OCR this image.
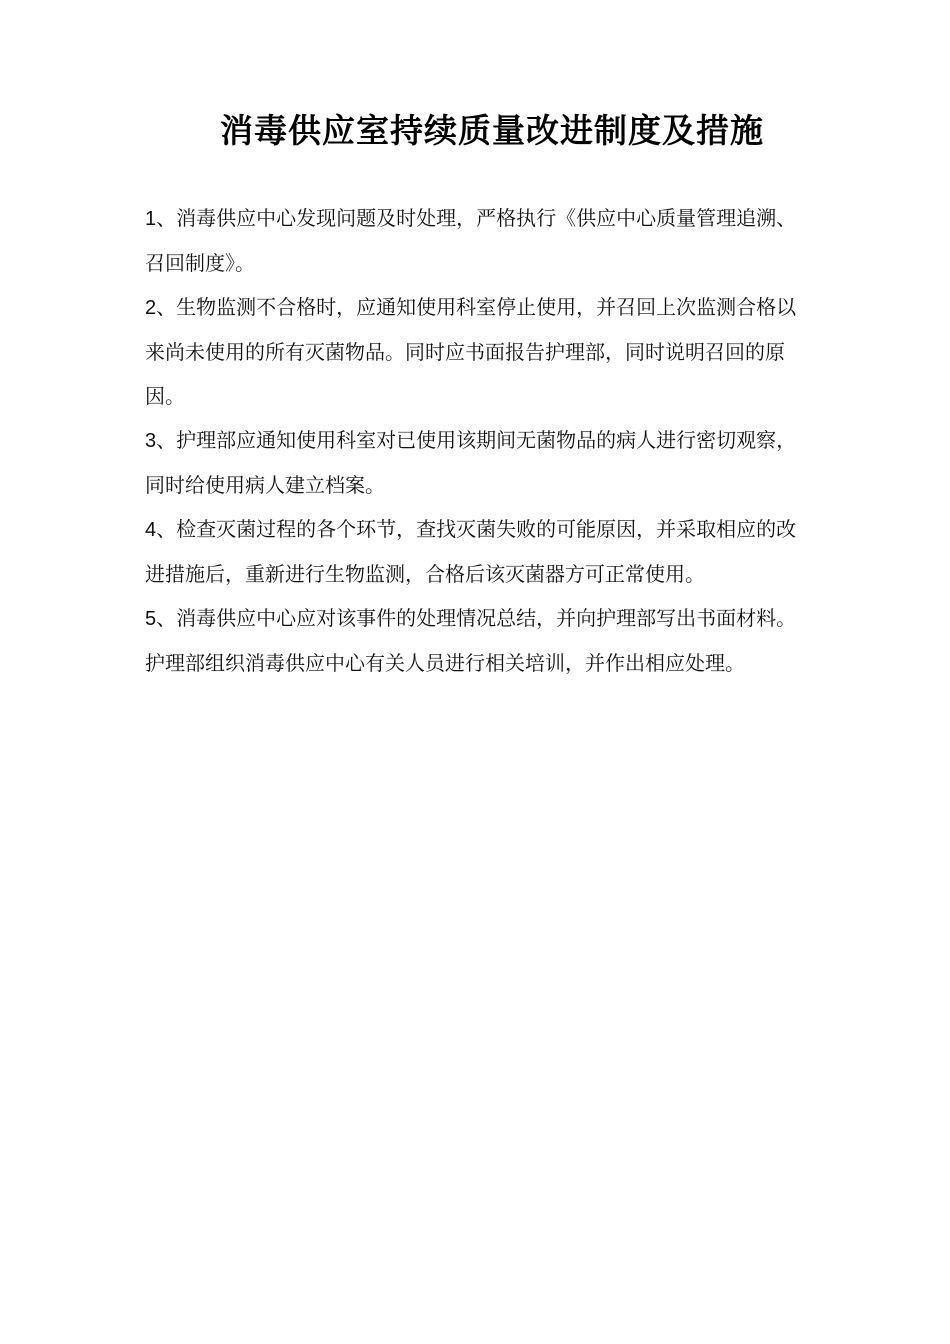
消毒供应室持续质量改进制度及措施

1、消毒供应中心发现问题及时处理，严格执行《供应中心质量管理追溯、召回制度》。

2、生物监测不合格时，应通知使用科室停止使用，并召回上次监测合格以来尚未使用的所有灭菌物品。同时应书面报告护理部，同时说明召回的原因。

3、护理部应通知使用科室对已使用该期间无菌物品的病人进行密切观察，同时给使用病人建立档案。

4、检查灭菌过程的各个环节，查找灭菌失败的可能原因，并采取相应的改进措施后，重新进行生物监测，合格后该灭菌器方可正常使用。

5、消毒供应中心应对该事件的处理情况总结，并向护理部写出书面材料。护理部组织消毒供应中心有关人员进行相关培训，并作出相应处理。
